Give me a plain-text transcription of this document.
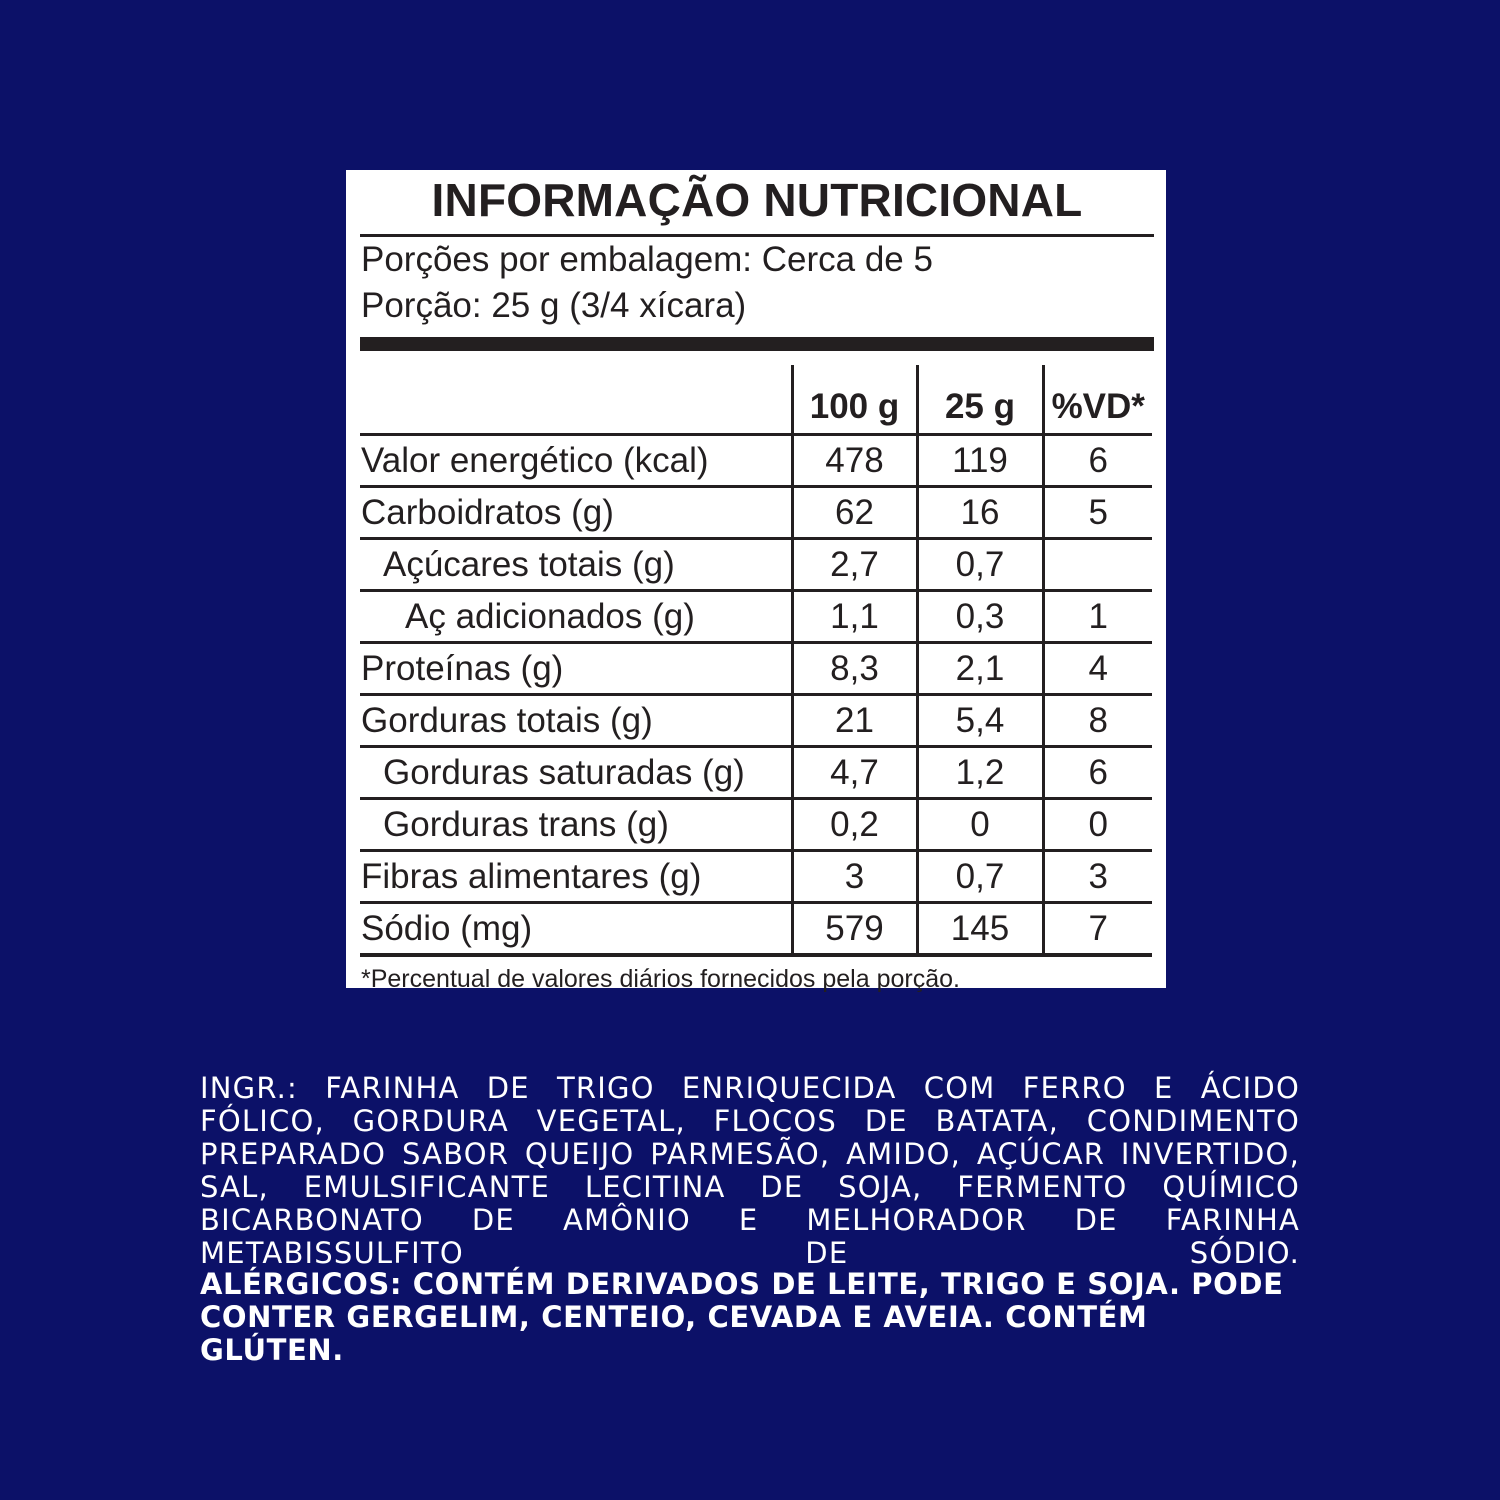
INFORMAÇÃO NUTRICIONAL
Porções por embalagem: Cerca de 5
Porção: 25 g (3/4 xícara)
	100 g	25 g	%VD*
Valor energético (kcal)	478	119	6
Carboidratos (g)	62	16	5
Açúcares totais (g)	2,7	0,7	
Aç adicionados (g)	1,1	0,3	1
Proteínas (g)	8,3	2,1	4
Gorduras totais (g)	21	5,4	8
Gorduras saturadas (g)	4,7	1,2	6
Gorduras trans (g)	0,2	0	0
Fibras alimentares (g)	3	0,7	3
Sódio (mg)	579	145	7
*Percentual de valores diários fornecidos pela porção.

INGR.: FARINHA DE TRIGO ENRIQUECIDA COM FERRO E ÁCIDO FÓLICO, GORDURA VEGETAL, FLOCOS DE BATATA, CONDIMENTO PREPARADO SABOR QUEIJO PARMESÃO, AMIDO, AÇÚCAR INVERTIDO, SAL, EMULSIFICANTE LECITINA DE SOJA, FERMENTO QUÍMICO BICARBONATO DE AMÔNIO E MELHORADOR DE FARINHA METABISSULFITO DE SÓDIO.

ALÉRGICOS: CONTÉM DERIVADOS DE LEITE, TRIGO E SOJA. PODE CONTER GERGELIM, CENTEIO, CEVADA E AVEIA. CONTÉM GLÚTEN.
